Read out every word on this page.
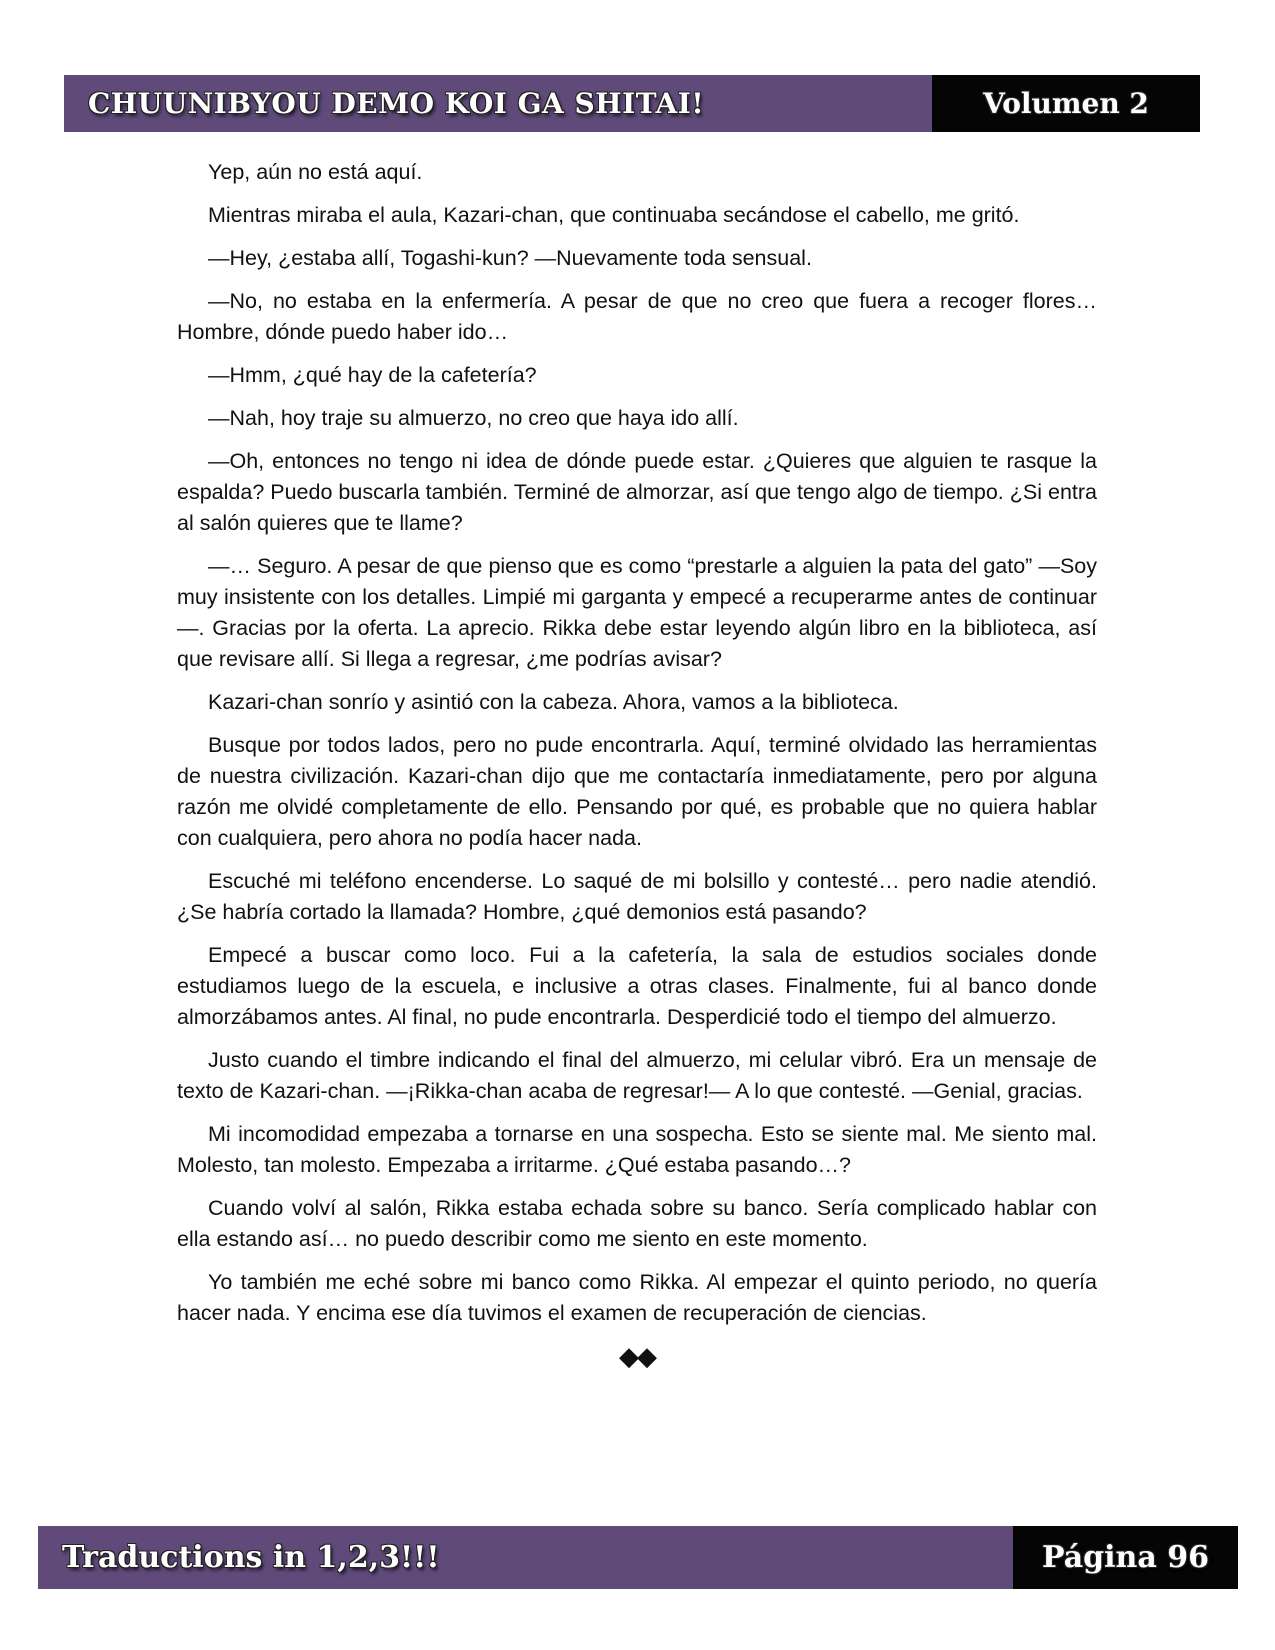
CHUUNIBYOU DEMO KOI GA SHITAI!	Volumen 2

Yep, aún no está aquí.

Mientras miraba el aula, Kazari-chan, que continuaba secándose el cabello, me gritó.

—Hey, ¿estaba allí, Togashi-kun? —Nuevamente toda sensual.

—No, no estaba en la enfermería. A pesar de que no creo que fuera a recoger flores… Hombre, dónde puedo haber ido…

—Hmm, ¿qué hay de la cafetería?

—Nah, hoy traje su almuerzo, no creo que haya ido allí.

—Oh, entonces no tengo ni idea de dónde puede estar. ¿Quieres que alguien te rasque la espalda? Puedo buscarla también. Terminé de almorzar, así que tengo algo de tiempo. ¿Si entra al salón quieres que te llame?

—… Seguro. A pesar de que pienso que es como “prestarle a alguien la pata del gato” —Soy muy insistente con los detalles. Limpié mi garganta y empecé a recuperarme antes de continuar—. Gracias por la oferta. La aprecio. Rikka debe estar leyendo algún libro en la biblioteca, así que revisare allí. Si llega a regresar, ¿me podrías avisar?

Kazari-chan sonrío y asintió con la cabeza. Ahora, vamos a la biblioteca.

Busque por todos lados, pero no pude encontrarla. Aquí, terminé olvidado las herramientas de nuestra civilización. Kazari-chan dijo que me contactaría inmediatamente, pero por alguna razón me olvidé completamente de ello. Pensando por qué, es probable que no quiera hablar con cualquiera, pero ahora no podía hacer nada.

Escuché mi teléfono encenderse. Lo saqué de mi bolsillo y contesté… pero nadie atendió. ¿Se habría cortado la llamada? Hombre, ¿qué demonios está pasando?

Empecé a buscar como loco. Fui a la cafetería, la sala de estudios sociales donde estudiamos luego de la escuela, e inclusive a otras clases. Finalmente, fui al banco donde almorzábamos antes. Al final, no pude encontrarla. Desperdicié todo el tiempo del almuerzo.

Justo cuando el timbre indicando el final del almuerzo, mi celular vibró. Era un mensaje de texto de Kazari-chan. —¡Rikka-chan acaba de regresar!— A lo que contesté. —Genial, gracias.

Mi incomodidad empezaba a tornarse en una sospecha. Esto se siente mal. Me siento mal. Molesto, tan molesto. Empezaba a irritarme. ¿Qué estaba pasando…?

Cuando volví al salón, Rikka estaba echada sobre su banco. Sería complicado hablar con ella estando así… no puedo describir como me siento en este momento.

Yo también me eché sobre mi banco como Rikka. Al empezar el quinto periodo, no quería hacer nada. Y encima ese día tuvimos el examen de recuperación de ciencias.

◆◆
Traductions in 1,2,3!!!	Página 96
